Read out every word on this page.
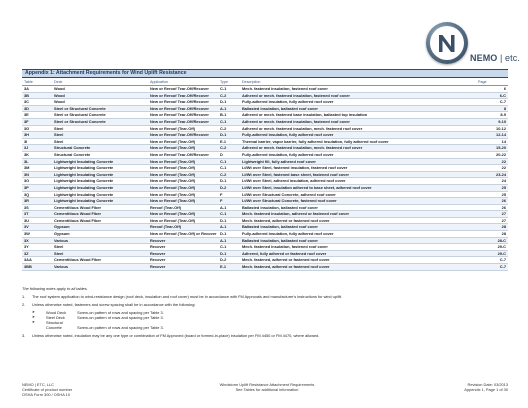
NEMO | etc.
Appendix 1: Attachment Requirements for Wind Uplift Resistance
Table	Deck	Application	Type	Description	Page
3A	Wood	New or Reroof Tear-Off/Recover	C-1	Mech. fastened insulation, fastened roof cover	6
3B	Wood	New or Reroof Tear-Off/Recover	C-2	Adhered or mech. fastened insulation, fastened roof cover	6-C
3C	Wood	New or Reroof Tear-Off/Recover	D-1	Fully-adhered insulation, fully adhered roof cover	C-7
3D	Steel or Structural Concrete	New or Reroof Tear-Off/Recover	A-1	Ballasted insulation, ballasted roof cover	8
3E	Steel or Structural Concrete	New or Reroof Tear-Off/Recover	B-1	Adhered or mech. fastened base insulation, ballasted top insulation	8-9
3F	Steel or Structural Concrete	New or Reroof Tear-Off/Recover	C-1	Adhered or mech. fastened insulation, fastened roof cover	9-10
3G	Steel	New or Reroof (Tear-Off)	C-2	Adhered or mech. fastened insulation, mech. fastened roof cover	10-12
3H	Steel	New or Reroof Tear-Off/Recover	D-1	Fully-adhered insulation, fully adhered roof cover	12-14
3I	Steel	New or Reroof (Tear-Off)	E-1	Thermal barrier, vapor barrier, fully adhered insulation, fully adhered roof cover	14
3J	Structural Concrete	New or Reroof (Tear-Off)	C-2	Adhered or mech. fastened insulation, mech. fastened roof cover	15-20
3K	Structural Concrete	New or Reroof Tear-Off/Recover	D	Fully-adhered insulation, fully adhered roof cover	20-22
3L	Lightweight Insulating Concrete	New or Reroof (Tear-Off)	C-1	Lightweight fill, fully adhered roof cover	22
3M	Lightweight Insulating Concrete	New or Reroof (Tear-Off)	C-1	Lt/Wt over Steel, fastened insulation, fastened roof cover	22
3N	Lightweight Insulating Concrete	New or Reroof (Tear-Off)	C-2	Lt/Wt over Steel, fastened base sheet, fastened roof cover	23-24
3O	Lightweight Insulating Concrete	New or Reroof (Tear-Off)	D-1	Lt/Wt over Steel, adhered insulation, adhered roof cover	24
3P	Lightweight Insulating Concrete	New or Reroof (Tear-Off)	D-2	Lt/Wt over Steel, insulation adhered to base sheet, adhered roof cover	25
3Q	Lightweight Insulating Concrete	New or Reroof (Tear-Off)	F	Lt/Wt over Structural Concrete, adhered roof cover	25
3R	Lightweight Insulating Concrete	New or Reroof (Tear-Off)	F	Lt/Wt over Structural Concrete, fastened roof cover	26
3S	Cementitious Wood Fiber	Reroof (Tear-Off)	A-1	Ballasted insulation, ballasted roof cover	26
3T	Cementitious Wood Fiber	New or Reroof (Tear-Off)	C-1	Mech. fastened insulation, adhered or fastened roof cover	27
3U	Cementitious Wood Fiber	New or Reroof (Tear-Off)	D-1	Mech. fastened, adhered or fastened roof cover	27
3V	Gypsum	Reroof (Tear-Off)	A-1	Ballasted insulation, ballasted roof cover	28
3W	Gypsum	New or Reroof (Tear-Off) or Recover	D-1	Fully-adhered insulation, fully adhered roof cover	28
3X	Various	Recover	A-1	Ballasted insulation, ballasted roof cover	28-C
3Y	Steel	Recover	C-1	Mech. fastened insulation, fastened roof cover	29-C
3Z	Steel	Recover	D-1	Adhered, fully adhered or fastened roof cover	29-C
3AA	Cementitious Wood Fiber	Recover	D-2	Mech. fastened, adhered or fastened roof cover	C-7
3BB	Various	Recover	E-1	Mech. fastened, adhered or fastened roof cover	C-7
The following notes apply to all tables.
1. The roof system application to wind-resistance design (roof deck, insulation and roof cover) must be in accordance with FM Approvals and manufacturer's instructions for wind uplift.
2. Unless otherwise noted, fasteners and screw spacing shall be in accordance with the following:
➤	Wood Deck	Screw-on pattern of rows and spacing per Table 3.
➤	Steel Deck	Screw-on pattern of rows and spacing per Table 3.
➤	Structural Concrete	Screw-on pattern of rows and spacing per Table 3.
3. Unless otherwise noted, insulation may be any one type or combination of FM Approved (board or formed-in-place) insulation per FM 4450 or FM 4470, where allowed.
NEMO | ETC, LLC
Certificate of product number
OSHA Form 300 / OSHA 10
Windstorm Uplift Resistance Attachment Requirements
See Tables for additional information
Revision Date: 03/2013
Appendix 1, Page 1 of 30
